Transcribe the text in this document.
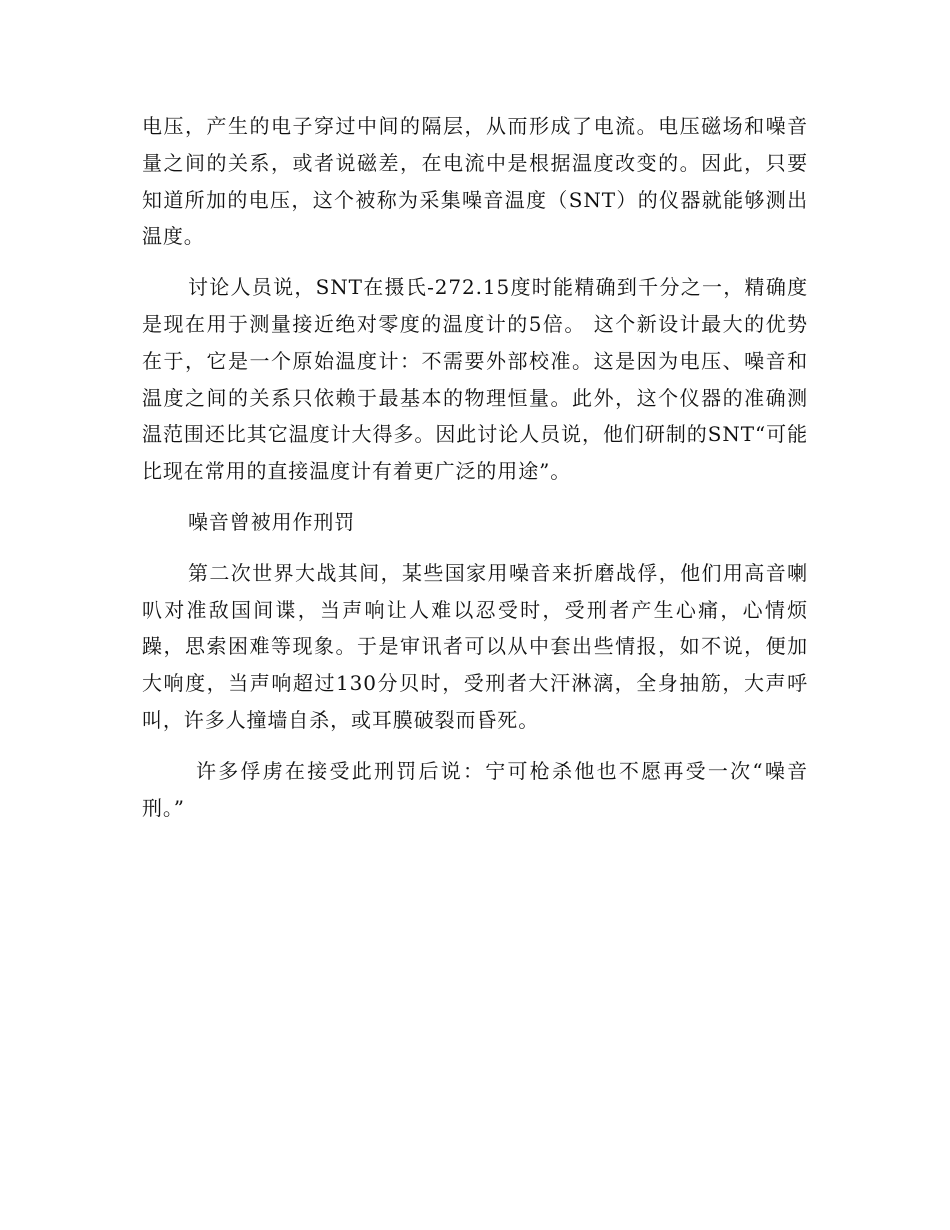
电压，产生的电子穿过中间的隔层，从而形成了电流。电压磁场和噪音量之间的关系，或者说磁差，在电流中是根据温度改变的。因此，只要知道所加的电压，这个被称为采集噪音温度（SNT）的仪器就能够测出温度。

讨论人员说，SNT在摄氏-272.15度时能精确到千分之一，精确度是现在用于测量接近绝对零度的温度计的5倍。 这个新设计最大的优势在于，它是一个原始温度计：不需要外部校准。这是因为电压、噪音和温度之间的关系只依赖于最基本的物理恒量。此外，这个仪器的准确测温范围还比其它温度计大得多。因此讨论人员说，他们研制的SNT“可能比现在常用的直接温度计有着更广泛的用途”。

噪音曾被用作刑罚

第二次世界大战其间，某些国家用噪音来折磨战俘，他们用高音喇叭对准敌国间谍，当声响让人难以忍受时，受刑者产生心痛，心情烦躁，思索困难等现象。于是审讯者可以从中套出些情报，如不说，便加大响度，当声响超过130分贝时，受刑者大汗淋漓，全身抽筋，大声呼叫，许多人撞墙自杀，或耳膜破裂而昏死。

许多俘虏在接受此刑罚后说：宁可枪杀他也不愿再受一次“噪音刑。”
